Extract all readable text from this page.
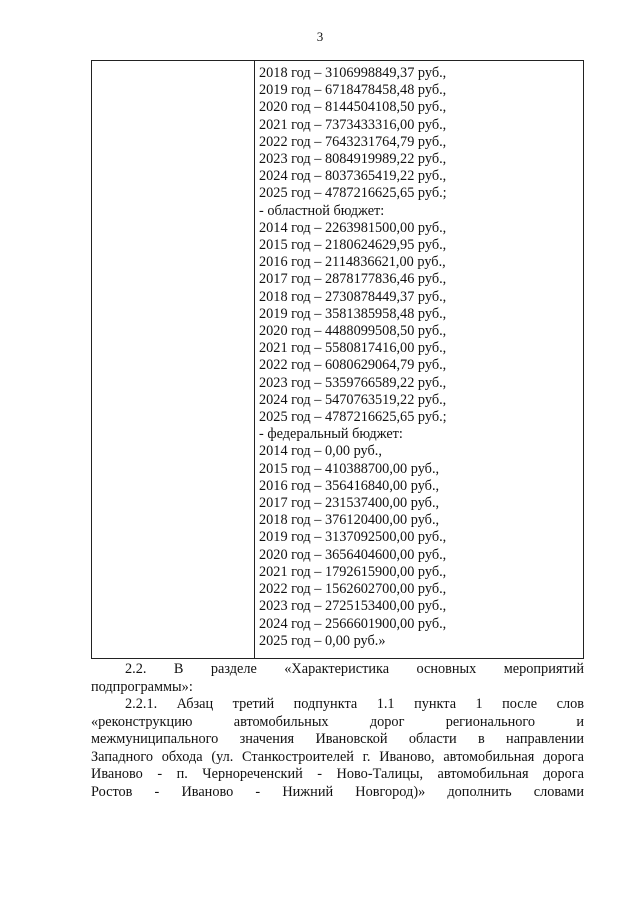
3
2018 год – 3106998849,37 руб.,
2019 год – 6718478458,48 руб.,
2020 год – 8144504108,50 руб.,
2021 год – 7373433316,00 руб.,
2022 год – 7643231764,79 руб.,
2023 год – 8084919989,22 руб.,
2024 год – 8037365419,22 руб.,
2025 год – 4787216625,65 руб.;
- областной бюджет:
2014 год – 2263981500,00 руб.,
2015 год – 2180624629,95 руб.,
2016 год – 2114836621,00 руб.,
2017 год – 2878177836,46 руб.,
2018 год – 2730878449,37 руб.,
2019 год – 3581385958,48 руб.,
2020 год – 4488099508,50 руб.,
2021 год – 5580817416,00 руб.,
2022 год – 6080629064,79 руб.,
2023 год – 5359766589,22 руб.,
2024 год – 5470763519,22 руб.,
2025 год – 4787216625,65 руб.;
- федеральный бюджет:
2014 год – 0,00 руб.,
2015 год – 410388700,00 руб.,
2016 год – 356416840,00 руб.,
2017 год – 231537400,00 руб.,
2018 год – 376120400,00 руб.,
2019 год – 3137092500,00 руб.,
2020 год – 3656404600,00 руб.,
2021 год – 1792615900,00 руб.,
2022 год – 1562602700,00 руб.,
2023 год – 2725153400,00 руб.,
2024 год – 2566601900,00 руб.,
2025 год – 0,00 руб.»

2.2. В разделе «Характеристика основных мероприятий
подпрограммы»:

2.2.1. Абзац третий подпункта 1.1 пункта 1 после слов
«реконструкцию автомобильных дорог регионального и
межмуниципального значения Ивановской области в направлении
Западного обхода (ул. Станкостроителей г. Иваново, автомобильная дорога
Иваново - п. Чернореченский - Ново-Талицы, автомобильная дорога
Ростов - Иваново - Нижний Новгород)» дополнить словами
